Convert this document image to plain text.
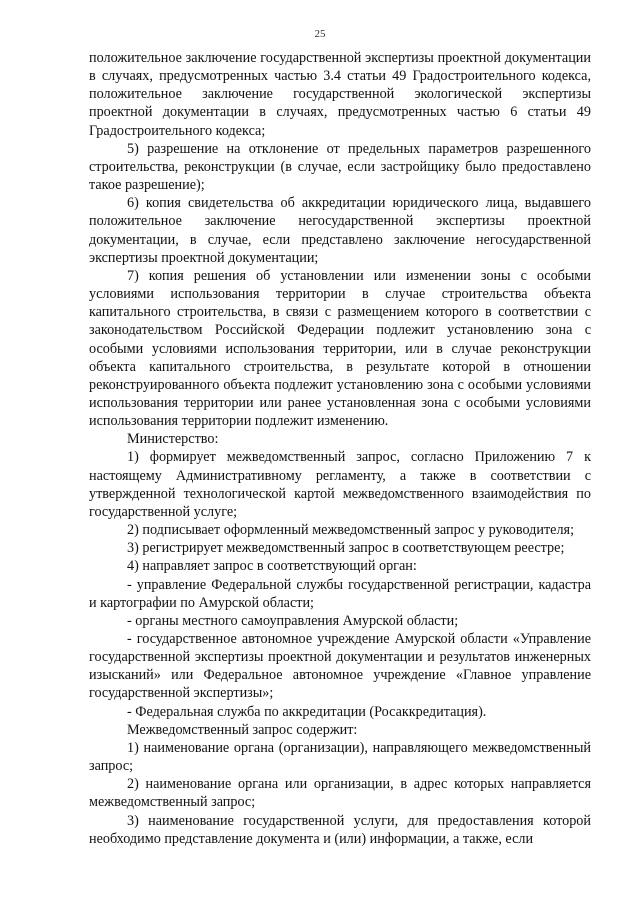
25

положительное заключение государственной экспертизы проектной документации в случаях, предусмотренных частью 3.4 статьи 49 Градостроительного кодекса, положительное заключение государственной экологической экспертизы проектной документации в случаях, предусмотренных частью 6 статьи 49 Градостроительного кодекса;

5) разрешение на отклонение от предельных параметров разрешенного строительства, реконструкции (в случае, если застройщику было предоставлено такое разрешение);

6) копия свидетельства об аккредитации юридического лица, выдавшего положительное заключение негосударственной экспертизы проектной документации, в случае, если представлено заключение негосударственной экспертизы проектной документации;

7) копия решения об установлении или изменении зоны с особыми условиями использования территории в случае строительства объекта капитального строительства, в связи с размещением которого в соответствии с законодательством Российской Федерации подлежит установлению зона с особыми условиями использования территории, или в случае реконструкции объекта капитального строительства, в результате которой в отношении реконструированного объекта подлежит установлению зона с особыми условиями использования территории или ранее установленная зона с особыми условиями использования территории подлежит изменению.

Министерство:

1) формирует межведомственный запрос, согласно Приложению 7 к настоящему Административному регламенту, а также в соответствии с утвержденной технологической картой межведомственного взаимодействия по государственной услуге;

2) подписывает оформленный межведомственный запрос у руководителя;

3) регистрирует межведомственный запрос в соответствующем реестре;

4) направляет запрос в соответствующий орган:

- управление Федеральной службы государственной регистрации, кадастра и картографии по Амурской области;

- органы местного самоуправления Амурской области;

- государственное автономное учреждение Амурской области «Управление государственной экспертизы проектной документации и результатов инженерных изысканий» или Федеральное автономное учреждение «Главное управление государственной экспертизы»;

- Федеральная служба по аккредитации (Росаккредитация).

Межведомственный запрос содержит:

1) наименование органа (организации), направляющего межведомственный запрос;

2) наименование органа или организации, в адрес которых направляется межведомственный запрос;

3) наименование государственной услуги, для предоставления которой необходимо представление документа и (или) информации, а также, если
